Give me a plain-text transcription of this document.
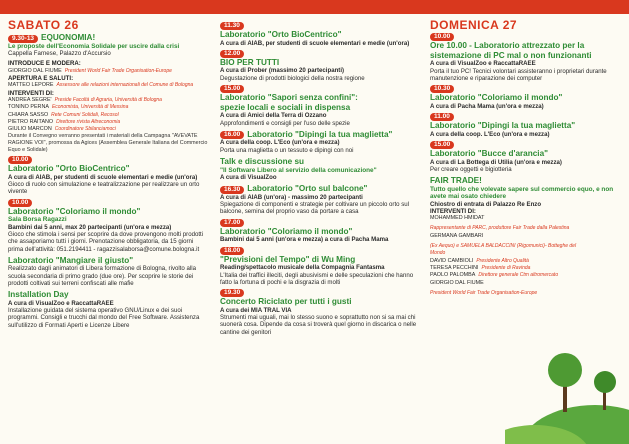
SABATO 26
9.30-13 EQUONOMIA!
Le proposte dell'Economia Solidale per uscire dalla crisi
Cappella Farnese, Palazzo d'Accursio
INTRODUCE E MODERA:
GIORGIO DAL FIUME President World Fair Trade Organisation-Europe
APERTURA E SALUTI:
MATTEO LEPORE Assessore alle relazioni internazionali del Comune di Bologna
INTERVENTI DI:
ANDREA SEGRE' Preside Facoltà di Agraria, Università di Bologna
TONINO PERNA Economista, Università di Messina
CHIARA SASSO Rete Comuni Solidali, Recosol
PIETRO RAITANO Direttore rivista Altreconomia
GIULIO MARCON Coordinatore Sbilanciamoci
Durante il Convegno verranno presentati i materiali della Campagna "AVEVATE RAGIONE VOI", promossa da Agices (Assemblea Generale Italiana del Commercio Equo e Solidale)
10.00
Laboratorio "Orto BioCentrico"
A cura di AIAB, per studenti di scuole elementari e medie (un'ora)
Gioco di ruolo con simulazione e teatralizzazione per realizzare un orto vivente
10.00
Laboratorio "Coloriamo il mondo"
Sala Borsa Ragazzi
Bambini dai 5 anni, max 20 partecipanti (un'ora e mezza)
Gioco che stimola i sensi per scoprire da dove provengono molti prodotti che assaporiamo tutti i giorni. Prenotazione obbligatoria, da 15 giorni prima dell'attività: 051.2194411 - ragazzisalaborsa@comune.bologna.it
Laboratorio "Mangiare il giusto"
Realizzato dagli animatori di Libera formazione di Bologna, rivolto alla scuola secondaria di primo grado (due ore). Per scoprire le storie dei prodotti coltivati sui terreni confiscati alle mafie
Installation Day
A cura di VisualZoo e RaccattaRAEE
Installazione guidata del sistema operativo GNU/Linux e dei suoi programmi. Consigli e trucchi dal mondo del Free Software. Assistenza sull'utilizzo di Formati Aperti e Licenze Libere
11.30
Laboratorio "Orto BioCentrico"
A cura di AIAB, per studenti di scuole elementari e medie (un'ora)
12.00
BIO PER TUTTI
A cura di Prober (massimo 20 partecipanti)
Degustazione di prodotti biologici della nostra regione
15.00
Laboratorio "Sapori senza confini":
spezie locali e sociali in dispensa
A cura di Amici della Terra di Ozzano
Approfondimenti e consigli per l'uso delle spezie
16.00 Laboratorio "Dipingi la tua maglietta"
A cura della coop. L'Eco (un'ora e mezza)
Porta una maglietta o un tessuto e dipingi con noi
Talk e discussione su
"Il Software Libero al servizio della comunicazione"
A cura di VisualZoo
16.30 Laboratorio "Orto sul balcone"
A cura di AIAB (un'ora) - massimo 20 partecipanti
Spiegazione di componenti e strategie per coltivare un piccolo orto sul balcone, semina del proprio vaso da portare a casa
17.00
Laboratorio "Coloriamo il mondo"
Bambini dai 5 anni (un'ora e mezza) a cura di Pacha Mama
18.00
"Previsioni del Tempo" di Wu Ming
Reading/spettacolo musicale della Compagnia Fantasma
L'Italia dei traffici illeciti, degli abusivismi e delle speculazioni che hanno fatto la fortuna di pochi e la disgrazia di molti
19.30
Concerto Riciclato per tutti i gusti
A cura dei MIA TRAL VIA
Strumenti mai uguali, mai lo stesso suono e soprattutto non si sa mai chi suonerà cosa. Dipende da cosa si troverà quel giorno in discarica o nelle cantine dei genitori
DOMENICA 27
10.00
Ore 10.00 - Laboratorio attrezzato per la sistemazione di PC mal o non funzionanti
A cura di VisualZoo e RaccattaRAEE
Porta il tuo PC! Tecnici volontari assisteranno i proprietari durante manutenzione e riparazione dei computer
10.30
Laboratorio "Coloriamo il mondo"
A cura di Pacha Mama (un'ora e mezza)
11.00
Laboratorio "Dipingi la tua maglietta"
A cura della coop. L'Eco (un'ora e mezza)
15.00
Laboratorio "Bucce d'arancia"
A cura di La Bottega di Utilia (un'ora e mezza)
Per creare oggetti e bigiotteria
FAIR TRADE!
Tutto quello che volevate sapere sul commercio equo, e non avete mai osato chiedere
Chiostro di entrata di Palazzo Re Enzo
INTERVENTI DI:
MOHAMMED HMIDAT
Rappresentante di PARC, produttore Fair Trade dalla Palestina
GERMANA GAMBARI
(Ex Aequo) e SAMUELA BALDACCINI (Rigomunici)- Botteghe del Mondo
DAVID CAMBIOLI Presidente Altro Qualità
TERESA PECCHINI Presidente di Ravinda
PAOLO PALOMBA Direttore generale Ctm altromercato
GIORGIO DAL FIUME
President World Fair Trade Organisation-Europe
